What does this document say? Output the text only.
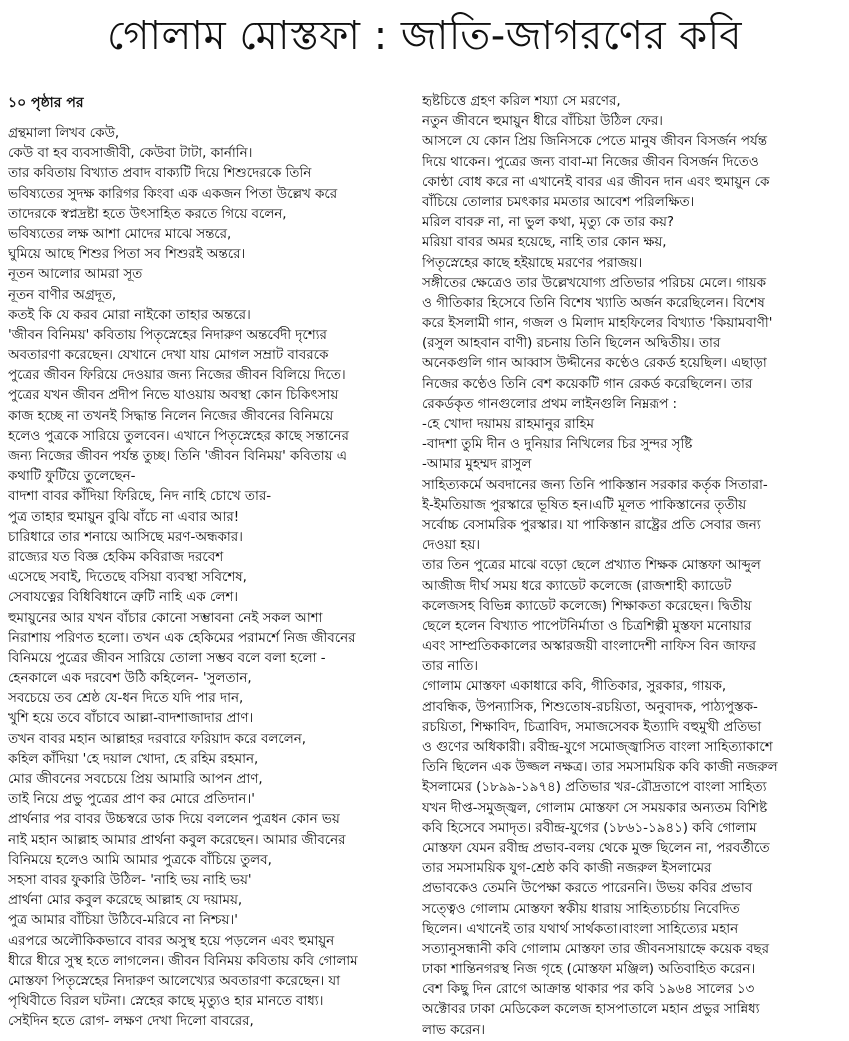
গোলাম মোস্তফা : জাতি-জাগরণের কবি
১০ পৃষ্ঠার পর
গ্রন্থমালা লিখব কেউ,
কেউ বা হব ব্যবসাজীবী, কেউবা টাটা, কার্নানি।
তার কবিতায় বিখ্যাত প্রবাদ বাক্যটি দিয়ে শিশুদেরকে তিনি
ভবিষ্যতের সুদক্ষ কারিগর কিংবা এক একজন পিতা উল্লেখ করে
তাদেরকে স্বপ্নদ্রষ্টা হতে উৎসাহিত করতে গিয়ে বলেন,
ভবিষ্যতের লক্ষ আশা মোদের মাঝে সন্তরে,
ঘুমিয়ে আছে শিশুর পিতা সব শিশুরই অন্তরে।
নূতন আলোর আমরা সূত
নূতন বাণীর অগ্রদূত,
কতই কি যে করব মোরা নাইকো তাহার অন্তরে।
'জীবন বিনিময়' কবিতায় পিতৃস্নেহের নিদারুণ অন্তর্বেদী দৃশ্যের
অবতারণা করেছেন। যেখানে দেখা যায় মোগল সম্রাট বাবরকে
পুত্রের জীবন ফিরিয়ে দেওয়ার জন্য নিজের জীবন বিলিয়ে দিতে।
পুত্রের যখন জীবন প্রদীপ নিভে যাওয়ায় অবস্থা কোন চিকিৎসায়
কাজ হচ্ছে না তখনই সিদ্ধান্ত নিলেন নিজের জীবনের বিনিময়ে
হলেও পুত্রকে সারিয়ে তুলবেন। এখানে পিতৃস্নেহের কাছে সন্তানের
জন্য নিজের জীবন পর্যন্ত তুচ্ছ। তিনি 'জীবন বিনিময়' কবিতায় এ
কথাটি ফুটিয়ে তুলেছেন-
বাদশা বাবর কাঁদিয়া ফিরিছে, নিদ নাহি চোখে তার-
পুত্র তাহার হুমায়ুন বুঝি বাঁচে না এবার আর!
চারিধারে তার শনায়ে আসিছে মরণ-অন্ধকার।
রাজ্যের যত বিজ্ঞ হেকিম কবিরাজ দরবেশ
এসেছে সবাই, দিতেছে বসিয়া ব্যবস্থা সবিশেষ,
সেবাযত্নের বিধিবিধানে ত্রুটি নাহি এক লেশ।
হুমায়ুনের আর যখন বাঁচার কোনো সম্ভাবনা নেই সকল আশা
নিরাশায় পরিণত হলো। তখন এক হেকিমের পরামর্শে নিজ জীবনের
বিনিময়ে পুত্রের জীবন সারিয়ে তোলা সম্ভব বলে বলা হলো -
হেনকালে এক দরবেশ উঠি কহিলেন- 'সুলতান,
সবচেয়ে তব শ্রেষ্ঠ যে-ধন দিতে যদি পার দান,
খুশি হয়ে তবে বাঁচাবে আল্লা-বাদশাজাদার প্রাণ।
তখন বাবর মহান আল্লাহর দরবারে ফরিয়াদ করে বললেন,
কহিল কাঁদিয়া 'হে দয়াল খোদা, হে রহিম রহমান,
মোর জীবনের সবচেয়ে প্রিয় আমারি আপন প্রাণ,
তাই নিয়ে প্রভু পুত্রের প্রাণ কর মোরে প্রতিদান।'
প্রার্থনার পর বাবর উচ্চস্বরে ডাক দিয়ে বললেন পুত্রধন কোন ভয়
নাই মহান আল্লাহ আমার প্রার্থনা কবুল করেছেন। আমার জীবনের
বিনিময়ে হলেও আমি আমার পুত্রকে বাঁচিয়ে তুলব,
সহসা বাবর ফুকারি উঠিল- 'নাহি ভয় নাহি ভয়'
প্রার্থনা মোর কবুল করেছে আল্লাহ যে দয়াময়,
পুত্র আমার বাঁচিয়া উঠিবে-মরিবে না নিশ্চয়।'
এরপরে অলৌকিকভাবে বাবর অসুস্থ হয়ে পড়লেন এবং হুমায়ুন
ধীরে ধীরে সুস্থ হতে লাগলেন। জীবন বিনিময় কবিতায় কবি গোলাম
মোস্তফা পিতৃস্নেহের নিদারুণ আলেখ্যের অবতারণা করেছেন। যা
পৃথিবীতে বিরল ঘটনা। স্নেহের কাছে মৃত্যুও হার মানতে বাধ্য।
সেইদিন হতে রোগ- লক্ষণ দেখা দিলো বাবরের,
হৃষ্টচিত্তে গ্রহণ করিল শয্যা সে মরণের,
নতুন জীবনে হুমায়ুন ধীরে বাঁচিয়া উঠিল ফের।
আসলে যে কোন প্রিয় জিনিসকে পেতে মানুষ জীবন বিসর্জন পর্যন্ত
দিয়ে থাকেন। পুত্রের জন্য বাবা-মা নিজের জীবন বিসর্জন দিতেও
কোন্ঠা বোধ করে না এখানেই বাবর এর জীবন দান এবং হুমায়ুন কে
বাঁচিয়ে তোলার চমৎকার মমতার আবেশ পরিলক্ষিত।
মরিল বাবরু না, না ভুল কথা, মৃত্যু কে তার কয়?
মরিয়া বাবর অমর হয়েছে, নাহি তার কোন ক্ষয়,
পিতৃস্নেহের কাছে হইয়াছে মরণের পরাজয়।
সঙ্গীতের ক্ষেত্রেও তার উল্লেখযোগ্য প্রতিভার পরিচয় মেলে। গায়ক
ও গীতিকার হিসেবে তিনি বিশেষ খ্যাতি অর্জন করেছিলেন। বিশেষ
করে ইসলামী গান, গজল ও মিলাদ মাহফিলের বিখ্যাত 'কিয়ামবাণী'
(রসুল আহবান বাণী) রচনায় তিনি ছিলেন অদ্বিতীয়। তার
অনেকগুলি গান আব্বাস উদ্দীনের কণ্ঠেও রেকর্ড হয়েছিল। এছাড়া
নিজের কণ্ঠেও তিনি বেশ কয়েকটি গান রেকর্ড করেছিলেন। তার
রেকর্ডকৃত গানগুলোর প্রথম লাইনগুলি নিম্নরূপ :
-হে খোদা দয়াময় রাহমানুর রাহিম
-বাদশা তুমি দীন ও দুনিয়ার নিখিলের চির সুন্দর সৃষ্টি
-আমার মুহম্মদ রাসুল
সাহিত্যকর্মে অবদানের জন্য তিনি পাকিস্তান সরকার কর্তৃক সিতারা-
ই-ইমতিয়াজ পুরস্কারে ভূষিত হন।এটি মূলত পাকিস্তানের তৃতীয়
সর্বোচ্চ বেসামরিক পুরস্কার। যা পাকিস্তান রাষ্ট্রের প্রতি সেবার জন্য
দেওয়া হয়।
তার তিন পুত্রের মাঝে বড়ো ছেলে প্রখ্যাত শিক্ষক মোস্তফা আব্দুল
আজীজ দীর্ঘ সময় ধরে ক্যাডেট কলেজে (রাজশাহী ক্যাডেট
কলেজসহ বিভিন্ন ক্যাডেট কলেজে) শিক্ষাকতা করেছেন। দ্বিতীয়
ছেলে হলেন বিখ্যাত পাপেটনির্মাতা ও চিত্রশিল্পী মুস্তফা মনোয়ার
এবং সাম্প্রতিককালের অস্কারজয়ী বাংলাদেশী নাফিস বিন জাফর
তার নাতি।
গোলাম মোস্তফা একাধারে কবি, গীতিকার, সুরকার, গায়ক,
প্রাবন্ধিক, উপন্যাসিক, শিশুতোষ-রচয়িতা, অনুবাদক, পাঠ্যপুস্তক-
রচয়িতা, শিক্ষাবিদ, চিত্রাবিদ, সমাজসেবক ইত্যাদি বহুমুখী প্রতিভা
ও গুণের অধিকারী। রবীন্দ্র-যুগে সমোজ্জ্বাসিত বাংলা সাহিত্যাকাশে
তিনি ছিলেন এক উজ্জল নক্ষত্র। তার সমসাময়িক কবি কাজী নজরুল
ইসলামের (১৮৯৯-১৯৭৪) প্রতিভার খর-রৌদ্রতাপে বাংলা সাহিত্য
যখন দীপ্ত-সমুজ্জ্বল, গোলাম মোস্তফা সে সময়কার অন্যতম বিশিষ্ট
কবি হিসেবে সমাদৃত। রবীন্দ্র-যুগের (১৮৬১-১৯৪১) কবি গোলাম
মোস্তফা যেমন রবীন্দ্র প্রভাব-বলয় থেকে মুক্ত ছিলেন না, পরবর্তীতে
তার সমসাময়িক যুগ-শ্রেষ্ঠ কবি কাজী নজরুল ইসলামের
প্রভাবকেও তেমনি উপেক্ষা করতে পারেননি। উভয় কবির প্রভাব
সত্ত্বেও গোলাম মোস্তফা স্বকীয় ধারায় সাহিত্যচর্চায় নিবেদিত
ছিলেন। এখানেই তার যথার্থ সার্থকতা।বাংলা সাহিত্যের মহান
সত্যানুসন্ধানী কবি গোলাম মোস্তফা তার জীবনসায়াহ্নে কয়েক বছর
ঢাকা শান্তিনগরস্থ নিজ গৃহে (মোস্তফা মঞ্জিল) অতিবাহিত করেন।
বেশ কিছু দিন রোগে আক্রান্ত থাকার পর কবি ১৯৬৪ সালের ১৩
অক্টোবর ঢাকা মেডিকেল কলেজ হাসপাতালে মহান প্রভুর সান্নিধ্য
লাভ করেন।
